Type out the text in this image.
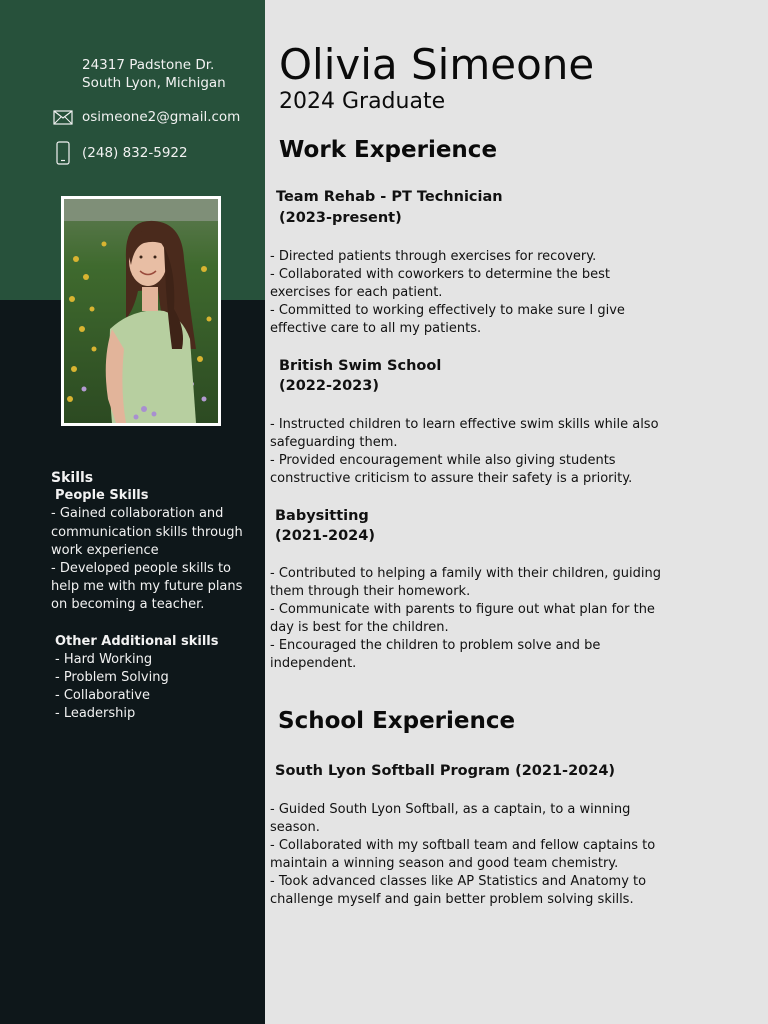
24317 Padstone Dr.
South Lyon, Michigan
osimeone2@gmail.com
(248) 832-5922
Skills
People Skills
- Gained collaboration and communication skills through work experience
- Developed people skills to help me with my future plans on becoming a teacher.
Other Additional skills
- Hard Working
- Problem Solving
- Collaborative
- Leadership
Olivia Simeone
2024 Graduate
Work Experience
Team Rehab - PT Technician
(2023-present)
- Directed patients through exercises for recovery.
- Collaborated with coworkers to determine the best exercises for each patient.
- Committed to working effectively to make sure I give effective care to all my patients.
British Swim School
(2022-2023)
- Instructed children to learn effective swim skills while also safeguarding them.
- Provided encouragement while also giving students constructive criticism to assure their safety is a priority.
Babysitting
(2021-2024)
- Contributed to helping a family with their children, guiding them through their homework.
- Communicate with parents to figure out what plan for the day is best for the children.
- Encouraged the children to problem solve and be independent.
School Experience
South Lyon Softball Program (2021-2024)
- Guided South Lyon Softball, as a captain, to a winning season.
- Collaborated with my softball team and fellow captains to maintain a winning season and good team chemistry.
- Took advanced classes like AP Statistics and Anatomy to challenge myself and gain better problem solving skills.
